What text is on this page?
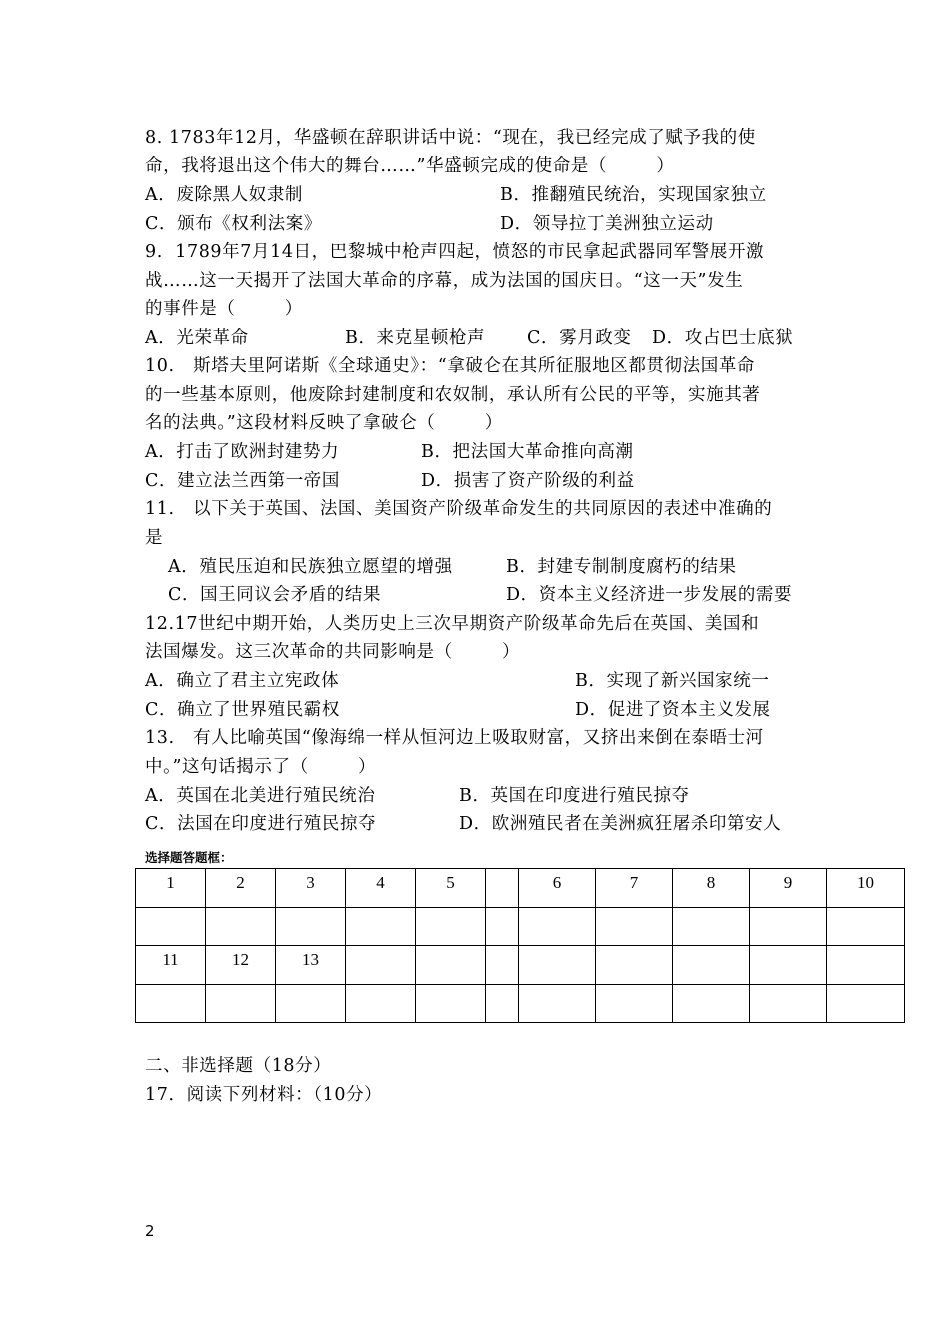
8. 1783年12月，华盛顿在辞职讲话中说：“现在，我已经完成了赋予我的使
命，我将退出这个伟大的舞台……”华盛顿完成的使命是（        ）
A．废除黑人奴隶制	B．推翻殖民统治，实现国家独立
C．颁布《权利法案》	D．领导拉丁美洲独立运动
9.  1789年7月14日，巴黎城中枪声四起，愤怒的市民拿起武器同军警展开激
战……这一天揭开了法国大革命的序幕，成为法国的国庆日。“这一天”发生
的事件是（        ）
A．光荣革命	B．来克星顿枪声 C．雾月政变 D．攻占巴士底狱
10.   斯塔夫里阿诺斯《全球通史》：“拿破仑在其所征服地区都贯彻法国革命
的一些基本原则，他废除封建制度和农奴制，承认所有公民的平等，实施其著
名的法典。”这段材料反映了拿破仑（        ）
A．打击了欧洲封建势力	B．把法国大革命推向高潮
C．建立法兰西第一帝国	D．损害了资产阶级的利益
11.   以下关于英国、法国、美国资产阶级革命发生的共同原因的表述中准确的
是
A．殖民压迫和民族独立愿望的增强	B．封建专制制度腐朽的结果
C．国王同议会矛盾的结果	D．资本主义经济进一步发展的需要
12.17世纪中期开始，人类历史上三次早期资产阶级革命先后在英国、美国和
法国爆发。这三次革命的共同影响是（        ）
A．确立了君主立宪政体	B．实现了新兴国家统一
C．确立了世界殖民霸权	D．促进了资本主义发展
13.   有人比喻英国“像海绵一样从恒河边上吸取财富，又挤出来倒在泰晤士河
中。”这句话揭示了（        ）
A．英国在北美进行殖民统治	B．英国在印度进行殖民掠夺
C．法国在印度进行殖民掠夺	D．欧洲殖民者在美洲疯狂屠杀印第安人
选择题答题框：
1	2	3	4	5		6	7	8	9	10

11	12	13								

二、非选择题（18分）
17．阅读下列材料：（10分）
2
